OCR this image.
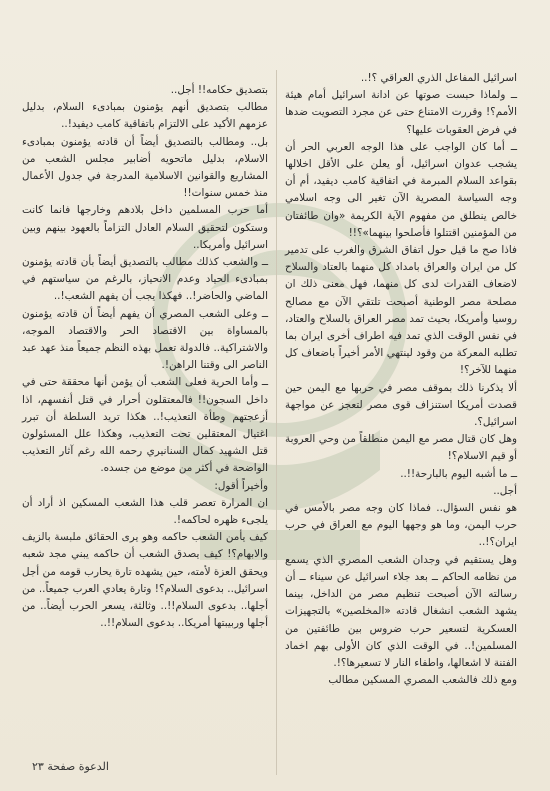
اسرائيل المفاعل الذري العراقي ؟!..

ــ ولماذا حبست صوتها عن ادانة اسرائيل أمام هيئة الأمم؟! وقررت الامتناع حتى عن مجرد التصويت ضدها في فرض العقوبات عليها؟

ــ أما كان الواجب على هذا الوجه العربي الحر أن يشجب عدوان اسرائيل، أو يعلن على الأقل اخلالها بقواعد السلام المبرمة في اتفاقية كامب ديفيد، أم أن وجه السياسة المصرية الآن تغير الى وجه اسلامي خالص ينطلق من مفهوم الآية الكريمة «وان طائفتان من المؤمنين اقتتلوا فأصلحوا بينهما»؟!!

فاذا صح ما قيل حول اتفاق الشرق والغرب على تدمير كل من ايران والعراق بامداد كل منهما بالعتاد والسلاح لاضعاف القدرات لدى كل منهما، فهل معنى ذلك ان مصلحة مصر الوطنية أصبحت تلتقي الآن مع مصالح روسيا وأمريكا، بحيث تمد مصر العراق بالسلاح والعتاد، في نفس الوقت الذي تمد فيه اطراف أخرى ايران بما تطلبه المعركة من وقود لينتهي الأمر أخيراً باضعاف كل منهما للآخر؟!

ألا يذكرنا ذلك بموقف مصر في حربها مع اليمن حين قصدت أمريكا استنزاف قوى مصر لتعجز عن مواجهة اسرائيل؟.

وهل كان قتال مصر مع اليمن منطلقاً من وحي العروبة أو قيم الاسلام؟!

ــ ما أشبه اليوم بالبارحة!!..

أجل..

هو نفس السؤال.. فماذا كان وجه مصر بالأمس في حرب اليمن، وما هو وجهها اليوم مع العراق في حرب ايران؟!..

وهل يستقيم في وجدان الشعب المصري الذي يسمع من نظامه الحاكم ــ بعد جلاء اسرائيل عن سيناء ــ أن رسالته الآن أصبحت تنظيم مصر من الداخل، بينما يشهد الشعب انشغال قادته «المخلصين» بالتجهيزات العسكرية لتسعير حرب ضروس بين طائفتين من المسلمين!.. في الوقت الذي كان الأولى بهم اخماد الفتنة لا اشعالها، واطفاء النار لا تسعيرها؟!.

ومع ذلك فالشعب المصري المسكين مطالب

بتصديق حكامه!! أجل..

مطالب بتصديق أنهم يؤمنون بمبادىء السلام، بدليل عزمهم الأكيد على الالتزام باتفاقية كامب ديفيد!..

بل.. ومطالب بالتصديق أيضاً أن قادته يؤمنون بمبادىء الاسلام، بدليل ماتحويه أضابير مجلس الشعب من المشاريع والقوانين الاسلامية المدرجة في جدول الأعمال منذ خمس سنوات!!

أما حرب المسلمين داخل بلادهم وخارجها فانما كانت وستكون لتحقيق السلام العادل التزاماً بالعهود بينهم وبين اسرائيل وأمريكا..

ــ والشعب كذلك مطالب بالتصديق أيضاً بأن قادته يؤمنون بمبادىء الحياد وعدم الانحياز، بالرغم من سياستهم في الماضي والحاضر!.. فهكذا يجب أن يفهم الشعب!..

ــ وعلى الشعب المصري أن يفهم أيضاً أن قادته يؤمنون بالمساواة بين الاقتصاد الحر والاقتصاد الموجه، والاشتراكية.. فالدولة تعمل بهذه النظم جميعاً منذ عهد عبد الناصر الى وقتنا الراهن!.

ــ وأما الحرية فعلى الشعب أن يؤمن أنها محققة حتى في داخل السجون!! فالمعتقلون أحرار في قتل أنفسهم، اذا أزعجتهم وطأة التعذيب!.. هكذا تريد السلطة أن تبرر اغتيال المعتقلين تحت التعذيب، وهكذا علل المسئولون قتل الشهيد كمال السنانيري رحمه الله رغم آثار التعذيب الواضحة في أكثر من موضع من جسده.

وأخيراً أقول:

ان المرارة تعصر قلب هذا الشعب المسكين اذ أراد أن يلجىء ظهره لحاكمه!.

كيف يأمن الشعب حاكمه وهو يرى الحقائق ملبسة بالزيف والابهام؟! كيف يصدق الشعب أن حاكمه يبني مجد شعبه ويحقق العزة لأمته، حين يشهده تارة يحارب قومه من أجل اسرائيل.. بدعوى السلام؟! وتارة يعادي العرب جميعاً.. من أجلها.. بدعوى السلام!!.. وثالثة، يسعر الحرب أيضاً.. من أجلها وربيبتها أمريكا.. بدعوى السلام!!..

الدعوة صفحة ٢٣
